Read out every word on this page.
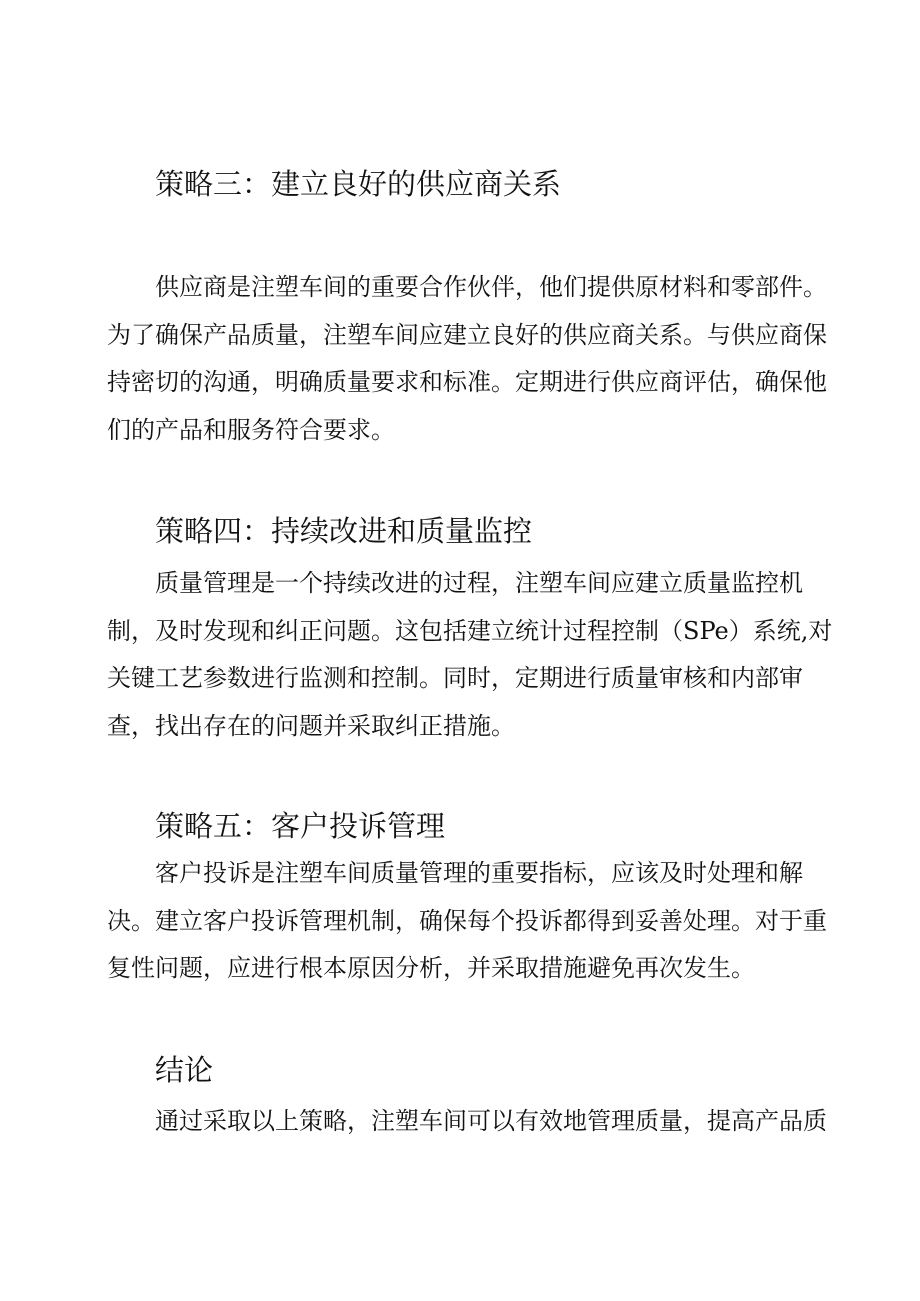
策略三：建立良好的供应商关系
供应商是注塑车间的重要合作伙伴，他们提供原材料和零部件。
为了确保产品质量，注塑车间应建立良好的供应商关系。与供应商保
持密切的沟通，明确质量要求和标准。定期进行供应商评估，确保他
们的产品和服务符合要求。
策略四：持续改进和质量监控
质量管理是一个持续改进的过程，注塑车间应建立质量监控机
制，及时发现和纠正问题。这包括建立统计过程控制（SPe）系统,对
关键工艺参数进行监测和控制。同时，定期进行质量审核和内部审
查，找出存在的问题并采取纠正措施。
策略五：客户投诉管理
客户投诉是注塑车间质量管理的重要指标，应该及时处理和解
决。建立客户投诉管理机制，确保每个投诉都得到妥善处理。对于重
复性问题，应进行根本原因分析，并采取措施避免再次发生。
结论
通过采取以上策略，注塑车间可以有效地管理质量，提高产品质
